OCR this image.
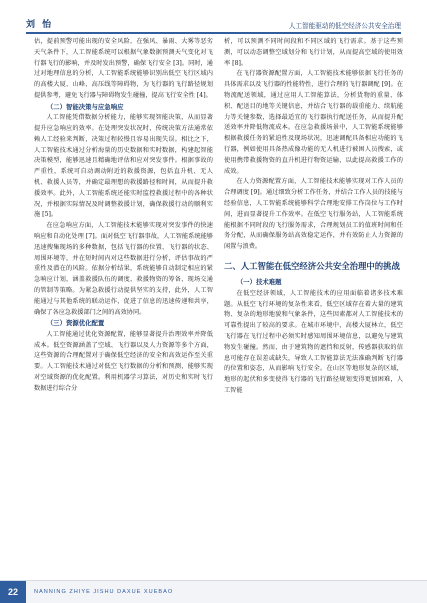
刘 怡	人工智能驱动的低空经济公共安全治理

估，提前预警可能出现的安全风险，在强风、暴雨、大雾等恶劣天气条件下，人工智能系统可以根据气象数据预测天气变化对飞行器飞行的影响，并及时发出预警，确保飞行安全 [3]。同时，通过对地理信息的分析，人工智能系统能够识别出低空飞行区域内的高楼大厦、山峰、高压线等障碍物，为飞行器的飞行路径规划提供参考，避免飞行器与障碍物发生碰撞，提高飞行安全性 [4]。

（二）智能决策与应急响应

人工智能凭借数据分析能力，能够实现智能决策，从而显著提升应急响应的效率。在处理突发状况时，传统决策方法通常依赖人工经验来判断，决策过程较慢且容易出现失误。相比之下，人工智能技术通过分析海量的历史数据和实时数据，构建起智能决策模型，能够迅速且精确地评估和应对突发事件。根据事故的严重性，系统可自动调动附近的救援资源，包括直升机、无人机、救援人员等，并确定最理想的救援路径和时间，从而提升救援效率。此外，人工智能系统还能实时监控救援过程中的各种状况，并根据实际情况及时调整救援计划，确保救援行动的顺利实施 [5]。

在应急响应方面，人工智能技术能够实现对突发事件的快速响应和自动化处理 [7]。面对低空飞行器事故，人工智能系统能够迅速搜集现场的多种数据，包括飞行器的位置、飞行器的状态、周围环境等，并在短时间内对这些数据进行分析，评估事故的严重性及潜在的风险。依据分析结果，系统能够自动制定相应的紧急响应计划，涵盖救援队伍的调度、救援物资的筹备、现场交通的管制等策略。为紧急救援行动提供坚实的支持，此外，人工智能通过与其他系统的联动运作，促进了信息的迅速传递和共享，确保了各应急救援部门之间的高效协同。

（三）资源优化配置

人工智能通过优化资源配置，能够显著提升治理效率并降低成本。低空资源涵盖了空域、飞行器以及人力资源等多个方面，这些资源的合理配置对于确保低空经济的安全和高效运作至关重要。人工智能技术通过对低空飞行数据的分析和预测，能够实现对空域资源的优化配置。利用机器学习算法，对历史和实时飞行数据进行综合分

析，可以预测不同时间段和不同区域的飞行需求。基于这些预测，可以动态调整空域划分和飞行计划，从而提高空域的使用效率 [8]。

在飞行器资源配置方面，人工智能技术能够依据飞行任务的具体需求以及飞行器的性能特性，进行合理的飞行器调配 [9]。在物流配送领域，通过应用人工智能算法，分析货物的重量、体积、配送目的地等关键信息，并结合飞行器的载重能力、续航能力等关键参数，选择最适宜的飞行器执行配送任务，从而提升配送效率并降低物流成本。在应急救援场景中，人工智能系统能够根据救援任务的紧迫性及现场状况，迅速调配具备相应功能的飞行器，例如使用具备热成像功能的无人机进行被困人员搜索，或使用携带救援物资的直升机进行物资运输，以此提高救援工作的成效。

在人力资源配置方面，人工智能技术能够实现对工作人员的合理调度 [9]。通过细致分析工作任务，并结合工作人员的技能与经验信息，人工智能系统能够科学合理地安排工作岗位与工作时间，进而显著提升工作效率。在低空飞行服务站，人工智能系统能根据不同时段的飞行服务需求，合理规划员工的值班时间和任务分配，从而确保服务站高效稳定运作，并有效防止人力资源的闲置与浪费。

二、人工智能在低空经济公共安全治理中的挑战
（一）技术难题

在低空经济领域，人工智能技术的应用面临着诸多技术难题。从低空飞行环境的复杂性来看，低空区域存在着大量的建筑物、复杂的地形地貌和气象条件，这些因素都对人工智能技术的可靠性提出了较高的要求。在城市环境中，高楼大厦林立，低空飞行器在飞行过程中必须实时感知周围环境信息，以避免与建筑物发生碰撞。然而，由于建筑物的遮挡和反射，传感器获取的信息可能存在误差或缺失，导致人工智能算法无法准确判断飞行器的位置和姿态，从而影响飞行安全。在山区等地形复杂的区域，地形的起伏和多变使得飞行器的飞行路径规划变得更加困难，人工智能

22	NANNING ZHIYE JISHU DAXUE XUEBAO
